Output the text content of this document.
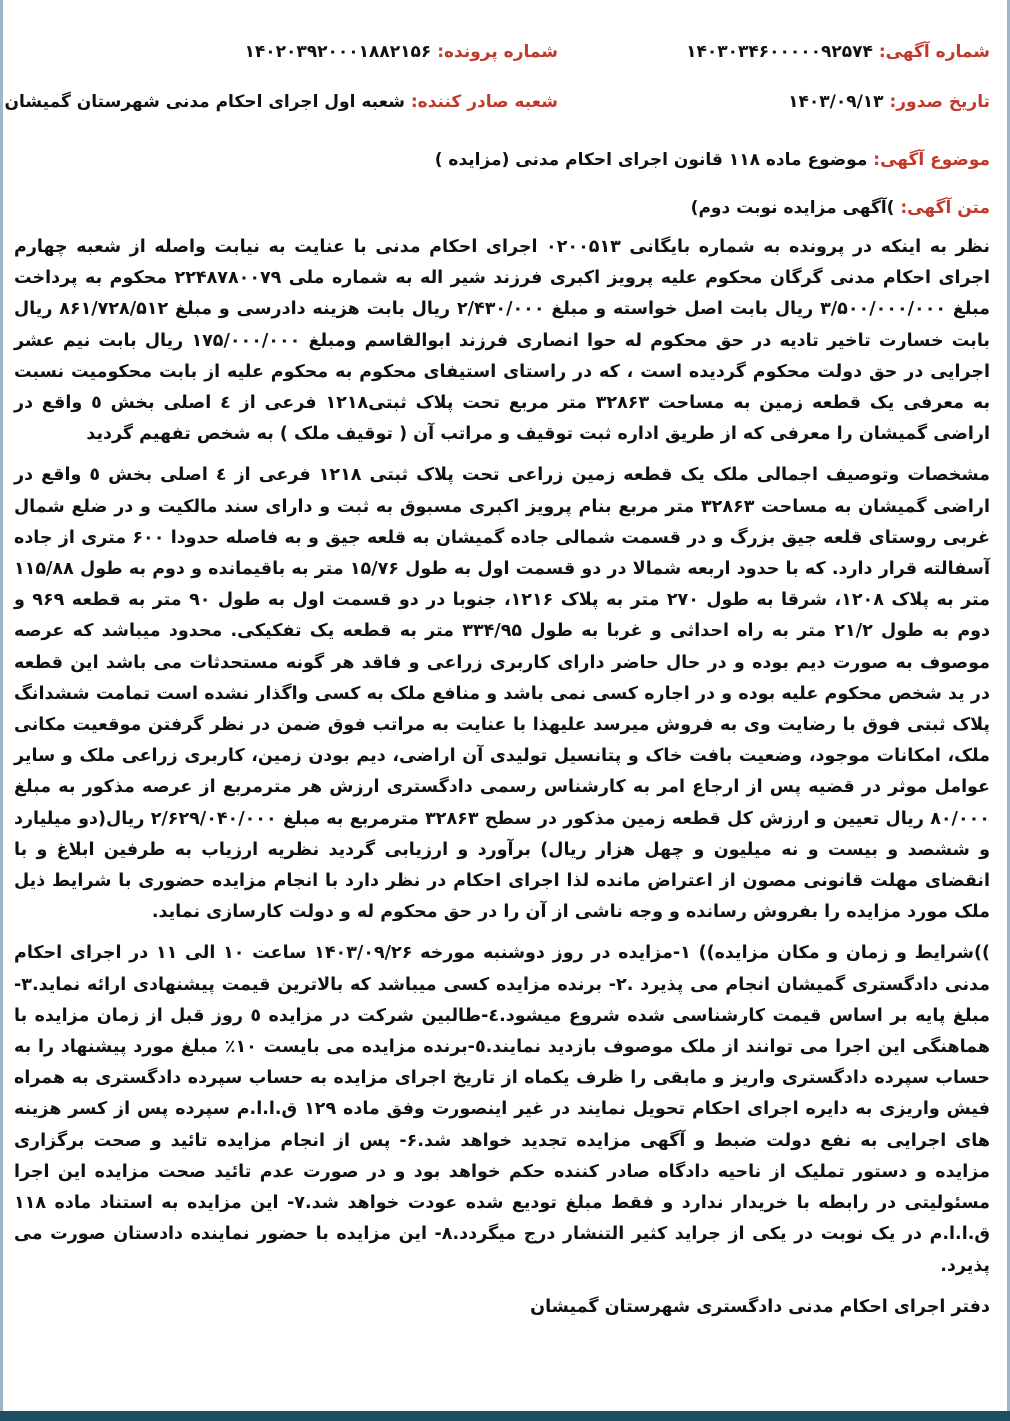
شماره آگهی: ۱۴۰۳۰۳۴۶۰۰۰۰۰۹۲۵۷۴
شماره پرونده: ۱۴۰۲۰۳۹۲۰۰۰۱۸۸۲۱۵۶
تاریخ صدور: ۱۴۰۳/۰۹/۱۳
شعبه صادر کننده: شعبه اول اجرای احکام مدنی شهرستان گمیشان
موضوع آگهی: موضوع ماده ۱۱۸ قانون اجرای احکام مدنی (مزایده )
متن آگهی: )آگهی مزایده نوبت دوم)

نظر به اینکه در پرونده به شماره بایگانی ۰۲۰۰۵۱۳ اجرای احکام مدنی با عنایت به نیابت واصله از شعبه چهارم اجرای احکام مدنی گرگان محکوم علیه پرویز اکبری فرزند شیر اله به شماره ملی ۲۲۴۸۷۸۰۰۷۹ محکوم به پرداخت مبلغ ۳/۵۰۰/۰۰۰/۰۰۰ ریال بابت اصل خواسته و مبلغ ۲/۴۳۰/۰۰۰ ریال بابت هزینه دادرسی و مبلغ ۸۶۱/۷۲۸/۵۱۲ ریال بابت خسارت تاخیر تادیه در حق محکوم له حوا انصاری فرزند ابوالقاسم ومبلغ ۱۷۵/۰۰۰/۰۰۰ ریال بابت نیم عشر اجرایی در حق دولت محکوم گردیده است ، که در راستای استیفای محکوم به محکوم علیه از بابت محکومیت نسبت به معرفی یک قطعه زمین به مساحت ۳۲۸۶۳ متر مربع تحت پلاک ثبتی۱۲۱۸ فرعی از ٤ اصلی بخش ٥ واقع در اراضی گمیشان را معرفی که از طریق اداره ثبت توقیف و مراتب آن ( توقیف ملک ) به شخص تفهیم گردید

مشخصات وتوصیف اجمالی ملک یک قطعه زمین زراعی تحت پلاک ثبتی ۱۲۱۸ فرعی از ٤ اصلی بخش ٥ واقع در اراضی گمیشان به مساحت ۳۲۸۶۳ متر مربع بنام پرویز اکبری مسبوق به ثبت و دارای سند مالکیت و در ضلع شمال غربی روستای قلعه جیق بزرگ و در قسمت شمالی جاده گمیشان به قلعه جیق و به فاصله حدودا ۶۰۰ متری از جاده آسفالته قرار دارد. که با حدود اربعه شمالا در دو قسمت اول به طول ۱۵/۷۶ متر به باقیمانده و دوم به طول ۱۱۵/۸۸ متر به پلاک ۱۲۰۸، شرقا به طول ۲۷۰ متر به پلاک ۱۲۱۶، جنوبا در دو قسمت اول به طول ۹۰ متر به قطعه ۹۶۹ و دوم به طول ۲۱/۲ متر به راه احداثی و غربا به طول ۳۳۴/۹۵ متر به قطعه یک تفکیکی. محدود میباشد که عرصه موصوف به صورت دیم بوده و در حال حاضر دارای کاربری زراعی و فاقد هر گونه مستحدثات می باشد این قطعه در ید شخص محکوم علیه بوده و در اجاره کسی نمی باشد و منافع ملک به کسی واگذار نشده است تمامت ششدانگ پلاک ثبتی فوق با رضایت وی به فروش میرسد علیهذا با عنایت به مراتب فوق ضمن در نظر گرفتن موقعیت مکانی ملک، امکانات موجود، وضعیت بافت خاک و پتانسیل تولیدی آن اراضی، دیم بودن زمین، کاربری زراعی ملک و سایر عوامل موثر در قضیه پس از ارجاع امر به کارشناس رسمی دادگستری ارزش هر مترمربع از عرصه مذکور به مبلغ ۸۰/۰۰۰ ریال تعیین و ارزش کل قطعه زمین مذکور در سطح ۳۲۸۶۳ مترمربع به مبلغ ۲/۶۲۹/۰۴۰/۰۰۰ ریال(دو میلیارد و ششصد و بیست و نه میلیون و چهل هزار ریال) برآورد و ارزیابی گردید نظریه ارزیاب به طرفین ابلاغ و با انقضای مهلت قانونی مصون از اعتراض مانده لذا اجرای احکام در نظر دارد با انجام مزایده حضوری با شرایط ذیل ملک مورد مزایده را بفروش رسانده و وجه ناشی از آن را در حق محکوم له و دولت کارسازی نماید.

))شرایط و زمان و مکان مزایده)) ۱-مزایده در روز دوشنبه مورخه ۱۴۰۳/۰۹/۲۶ ساعت ۱۰ الی ۱۱ در اجرای احکام مدنی دادگستری گمیشان انجام می پذیرد .۲- برنده مزایده کسی میباشد که بالاترین قیمت پیشنهادی ارائه نماید.۳-مبلغ پایه بر اساس قیمت کارشناسی شده شروع میشود.٤-طالبین شرکت در مزایده ٥ روز قبل از زمان مزایده با هماهنگی این اجرا می توانند از ملک موصوف بازدید نمایند.٥-برنده مزایده می بایست ۱۰٪ مبلغ مورد پیشنهاد را به حساب سپرده دادگستری واریز و مابقی را ظرف یکماه از تاریخ اجرای مزایده به حساب سپرده دادگستری به همراه فیش واریزی به دایره اجرای احکام تحویل نمایند در غیر اینصورت وفق ماده ۱۲۹ ق.ا.ا.م سپرده پس از کسر هزینه های اجرایی به نفع دولت ضبط و آگهی مزایده تجدید خواهد شد.۶- پس از انجام مزایده تائید و صحت برگزاری مزایده و دستور تملیک از ناحیه دادگاه صادر کننده حکم خواهد بود و در صورت عدم تائید صحت مزایده این اجرا مسئولیتی در رابطه با خریدار ندارد و فقط مبلغ تودیع شده عودت خواهد شد.۷- این مزایده به استناد ماده ۱۱۸ ق.ا.ا.م در یک نوبت در یکی از جراید کثیر التنشار درج میگردد.۸- این مزایده با حضور نماینده دادستان صورت می پذیرد.

دفتر اجرای احکام مدنی دادگستری شهرستان گمیشان
